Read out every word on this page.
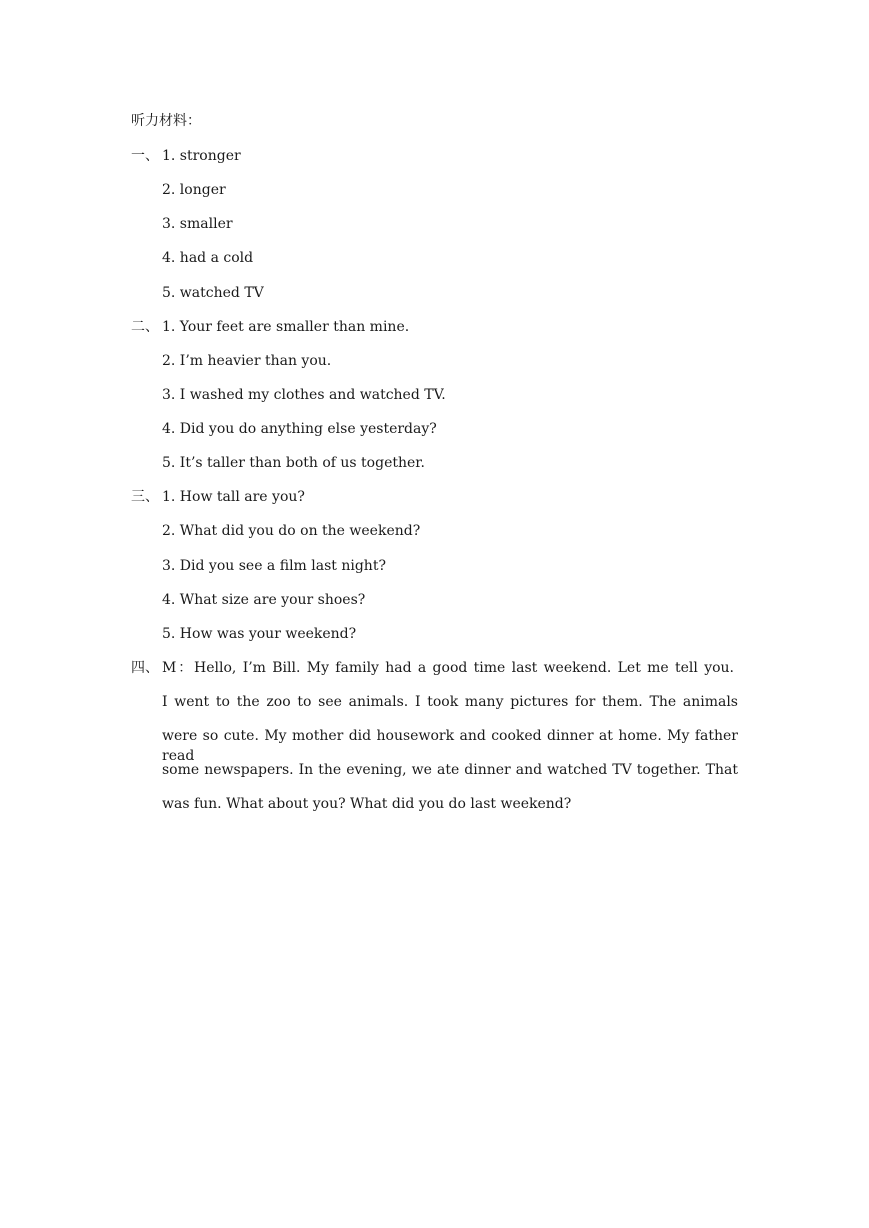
听力材料：
一、 1. stronger
2. longer
3. smaller
4. had a cold
5. watched TV
二、 1. Your feet are smaller than mine.
2. I’m heavier than you.
3. I washed my clothes and watched TV.
4. Did you do anything else yesterday?
5. It’s taller than both of us together.
三、 1. How tall are you?
2. What did you do on the weekend?
3. Did you see a film last night?
4. What size are your shoes?
5. How was your weekend?
四、 M：Hello, I’m Bill. My family had a good time last weekend. Let me tell you.
I went to the zoo to see animals. I took many pictures for them. The animals
were so cute. My mother did housework and cooked dinner at home. My father read
some newspapers. In the evening, we ate dinner and watched TV together. That
was fun. What about you? What did you do last weekend?
